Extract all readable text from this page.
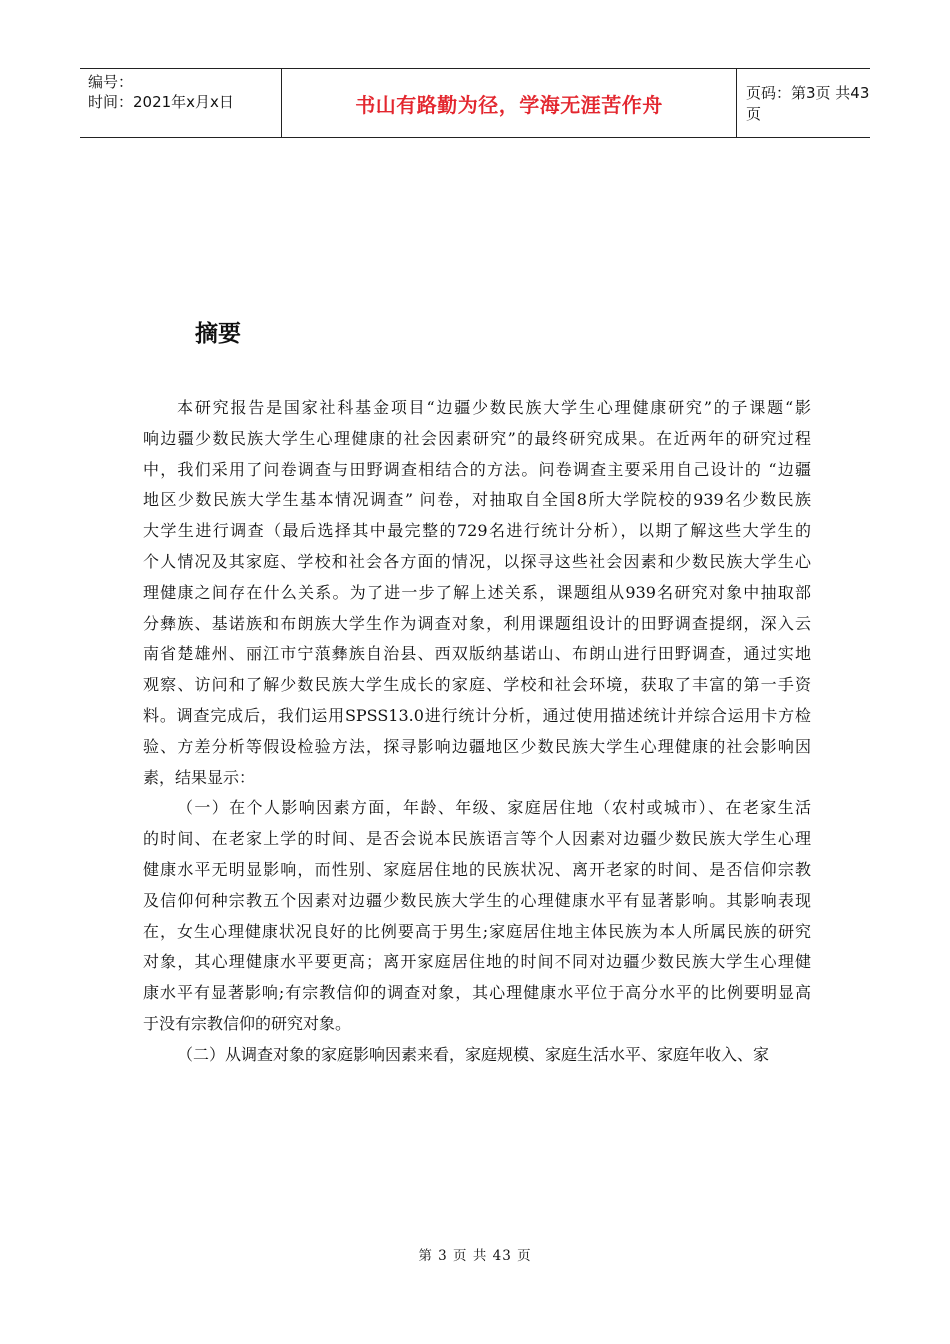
编号：
时间：2021年x月x日	书山有路勤为径，学海无涯苦作舟	页码：第3页 共43页
摘要
本研究报告是国家社科基金项目“边疆少数民族大学生心理健康研究”的子课题“影
响边疆少数民族大学生心理健康的社会因素研究”的最终研究成果。在近两年的研究过程
中，我们采用了问卷调查与田野调查相结合的方法。问卷调查主要采用自己设计的 “边疆
地区少数民族大学生基本情况调查” 问卷，对抽取自全国8所大学院校的939名少数民族
大学生进行调查（最后选择其中最完整的729名进行统计分析），以期了解这些大学生的
个人情况及其家庭、学校和社会各方面的情况，以探寻这些社会因素和少数民族大学生心
理健康之间存在什么关系。为了进一步了解上述关系，课题组从939名研究对象中抽取部
分彝族、基诺族和布朗族大学生作为调查对象，利用课题组设计的田野调查提纲，深入云
南省楚雄州、丽江市宁蒗彝族自治县、西双版纳基诺山、布朗山进行田野调查，通过实地
观察、访问和了解少数民族大学生成长的家庭、学校和社会环境，获取了丰富的第一手资
料。调查完成后，我们运用SPSS13.0进行统计分析，通过使用描述统计并综合运用卡方检
验、方差分析等假设检验方法，探寻影响边疆地区少数民族大学生心理健康的社会影响因
素，结果显示：
（一）在个人影响因素方面，年龄、年级、家庭居住地（农村或城市）、在老家生活
的时间、在老家上学的时间、是否会说本民族语言等个人因素对边疆少数民族大学生心理
健康水平无明显影响，而性别、家庭居住地的民族状况、离开老家的时间、是否信仰宗教
及信仰何种宗教五个因素对边疆少数民族大学生的心理健康水平有显著影响。其影响表现
在，女生心理健康状况良好的比例要高于男生;家庭居住地主体民族为本人所属民族的研究
对象，其心理健康水平要更高；离开家庭居住地的时间不同对边疆少数民族大学生心理健
康水平有显著影响;有宗教信仰的调查对象，其心理健康水平位于高分水平的比例要明显高
于没有宗教信仰的研究对象。
（二）从调查对象的家庭影响因素来看，家庭规模、家庭生活水平、家庭年收入、家
第 3 页 共 43 页
